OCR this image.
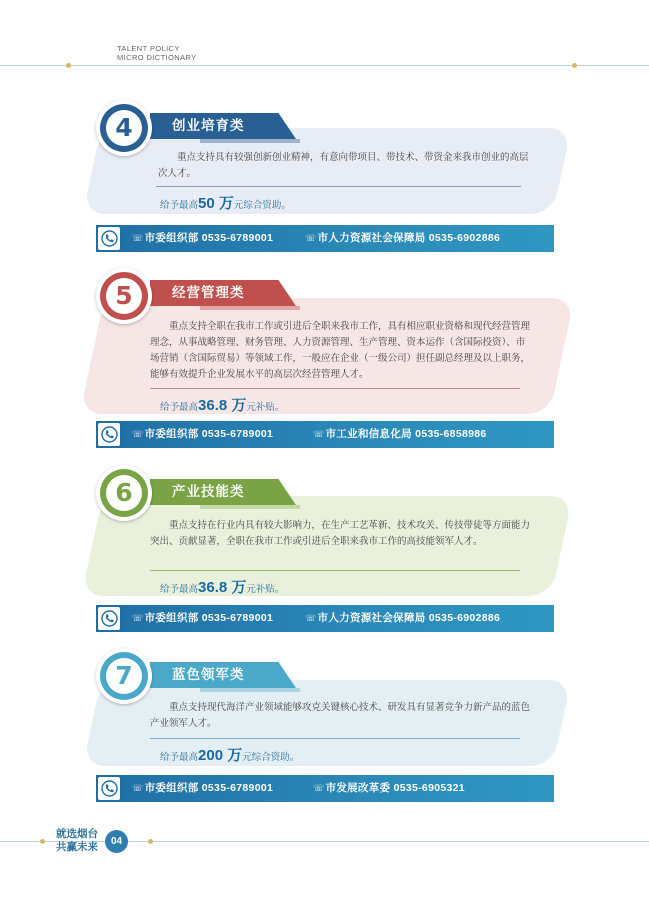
TALENT POLICY
MICRO DICTIONARY
重点支持具有较强创新创业精神，有意向带项目、带技术、带资金来我市创业的高层次人才。
给予最高50 万元综合资助。
创业培育类
4
☏市委组织部 0535-6789001	☏市人力资源社会保障局 0535-6902886
重点支持全职在我市工作或引进后全职来我市工作，具有相应职业资格和现代经营管理理念，从事战略管理、财务管理、人力资源管理、生产管理、资本运作（含国际投资）、市场营销（含国际贸易）等领域工作，一般应在企业（一级公司）担任副总经理及以上职务，能够有效提升企业发展水平的高层次经营管理人才。
给予最高36.8 万元补贴。
经营管理类
5
☏市委组织部 0535-6789001	☏市工业和信息化局 0535-6858986
重点支持在行业内具有较大影响力，在生产工艺革新、技术攻关、传技带徒等方面能力突出、贡献显著，全职在我市工作或引进后全职来我市工作的高技能领军人才。
给予最高36.8 万元补贴。
产业技能类
6
☏市委组织部 0535-6789001	☏市人力资源社会保障局 0535-6902886
重点支持现代海洋产业领域能够攻克关键核心技术、研发具有显著竞争力新产品的蓝色产业领军人才。
给予最高200 万元综合资助。
蓝色领军类
7
☏市委组织部 0535-6789001	☏市发展改革委 0535-6905321
就选烟台
共赢未来	04
